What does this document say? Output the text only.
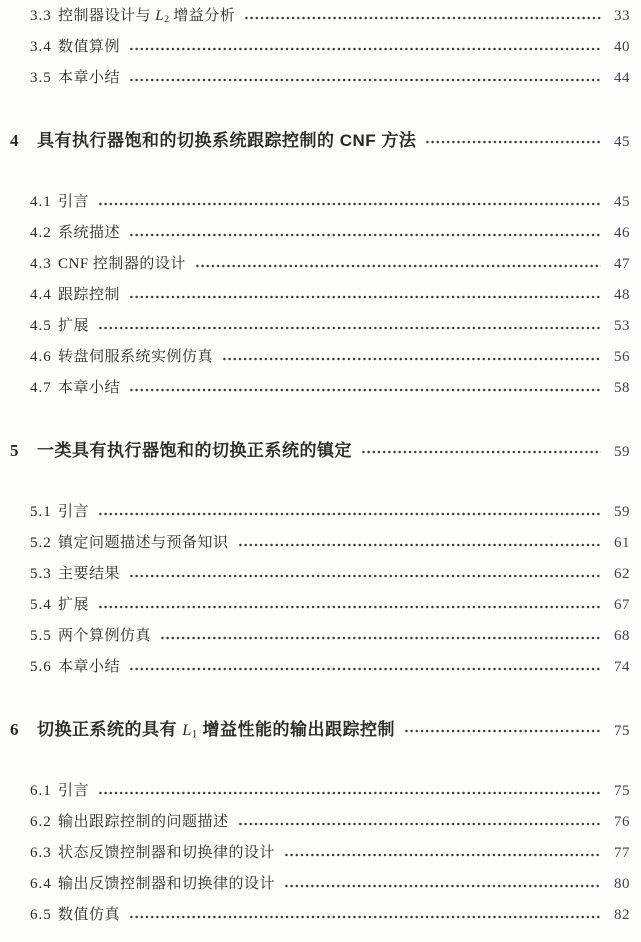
3.3 控制器设计与 L2 增益分析	33
3.4 数值算例	40
3.5 本章小结	44
4	具有执行器饱和的切换系统跟踪控制的 CNF 方法	45
4.1 引言	45
4.2 系统描述	46
4.3 CNF 控制器的设计	47
4.4 跟踪控制	48
4.5 扩展	53
4.6 转盘伺服系统实例仿真	56
4.7 本章小结	58
5	一类具有执行器饱和的切换正系统的镇定	59
5.1 引言	59
5.2 镇定问题描述与预备知识	61
5.3 主要结果	62
5.4 扩展	67
5.5 两个算例仿真	68
5.6 本章小结	74
6	切换正系统的具有 L1 增益性能的输出跟踪控制	75
6.1 引言	75
6.2 输出跟踪控制的问题描述	76
6.3 状态反馈控制器和切换律的设计	77
6.4 输出反馈控制器和切换律的设计	80
6.5 数值仿真	82
